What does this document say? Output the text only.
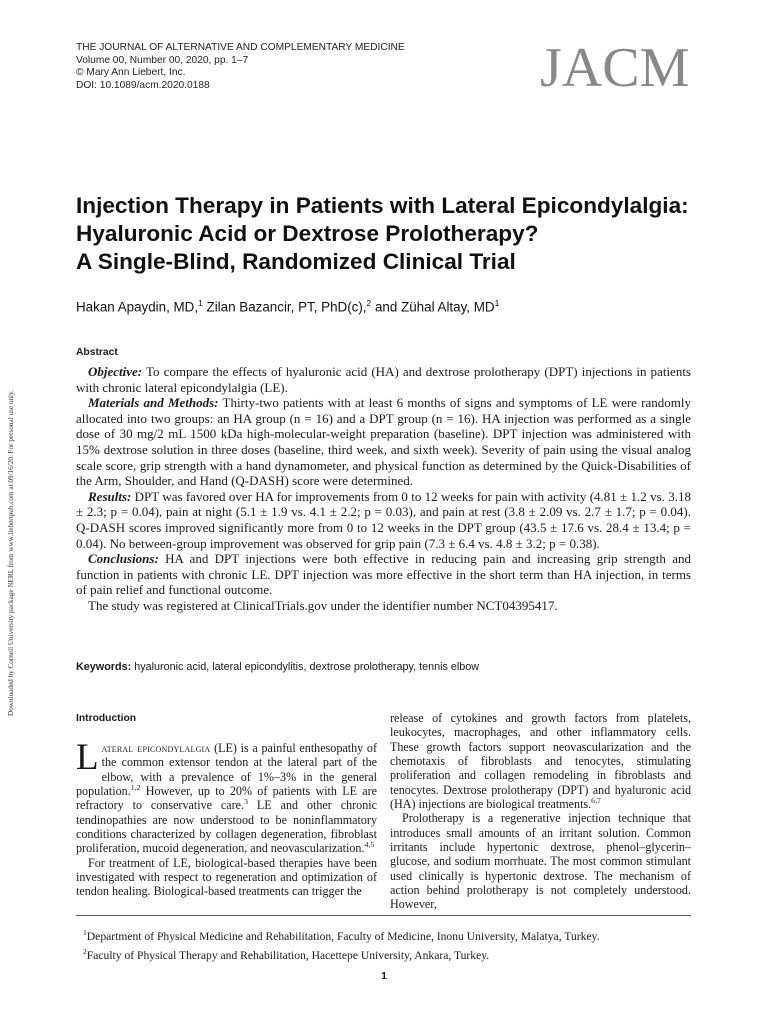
Downloaded by Cornell University package NERL from www.liebertpub.com at 09/16/20. For personal use only.
THE JOURNAL OF ALTERNATIVE AND COMPLEMENTARY MEDICINE
Volume 00, Number 00, 2020, pp. 1–7
© Mary Ann Liebert, Inc.
DOI: 10.1089/acm.2020.0188	JACM
Injection Therapy in Patients with Lateral Epicondylalgia:
Hyaluronic Acid or Dextrose Prolotherapy?
A Single-Blind, Randomized Clinical Trial
Hakan Apaydin, MD,$^1$ Zilan Bazancir, PT, PhD(c),$^2$ and Zühal Altay, $MD^1$
Abstract

Objective: To compare the effects of hyaluronic acid (HA) and dextrose prolotherapy (DPT) injections in patients with chronic lateral epicondylalgia (LE).

Materials and Methods: Thirty-two patients with at least 6 months of signs and symptoms of LE were randomly allocated into two groups: an HA group (n = 16) and a DPT group (n = 16). HA injection was performed as a single dose of 30 mg/2 mL 1500 kDa high-molecular-weight preparation (baseline). DPT injection was administered with 15% dextrose solution in three doses (baseline, third week, and sixth week). Severity of pain using the visual analog scale score, grip strength with a hand dynamometer, and physical function as determined by the Quick-Disabilities of the Arm, Shoulder, and Hand (Q-DASH) score were determined.

Results: DPT was favored over HA for improvements from 0 to 12 weeks for pain with activity (4.81 ± 1.2 vs. 3.18 ± 2.3; p = 0.04), pain at night (5.1 ± 1.9 vs. 4.1 ± 2.2; p = 0.03), and pain at rest (3.8 ± 2.09 vs. 2.7 ± 1.7; p = 0.04). Q-DASH scores improved significantly more from 0 to 12 weeks in the DPT group (43.5 ± 17.6 vs. 28.4 ± 13.4; p = 0.04). No between-group improvement was observed for grip pain (7.3 ± 6.4 vs. 4.8 ± 3.2; p = 0.38).

Conclusions: HA and DPT injections were both effective in reducing pain and increasing grip strength and function in patients with chronic LE. DPT injection was more effective in the short term than HA injection, in terms of pain relief and functional outcome.

The study was registered at ClinicalTrials.gov under the identifier number NCT04395417.

Keywords: hyaluronic acid, lateral epicondylitis, dextrose prolotherapy, tennis elbow
Introduction

Lateral epicondylalgia (LE) is a painful enthesopathy of the common extensor tendon at the lateral part of the elbow, with a prevalence of 1%–3% in the general population.$^{1,2}$ However, up to 20% of patients with LE are refractory to conservative care.$^3$ LE and other chronic tendinopathies are now understood to be noninflammatory conditions characterized by collagen degeneration, fibroblast proliferation, mucoid degeneration, and neovascularization.$^{4,5}$

For treatment of LE, biological-based therapies have been investigated with respect to regeneration and optimization of tendon healing. Biological-based treatments can trigger the

release of cytokines and growth factors from platelets, leukocytes, macrophages, and other inflammatory cells. These growth factors support neovascularization and the chemotaxis of fibroblasts and tenocytes, stimulating proliferation and collagen remodeling in fibroblasts and tenocytes. Dextrose prolotherapy (DPT) and hyaluronic acid (HA) injections are biological treatments.$^{6,7}$

Prolotherapy is a regenerative injection technique that introduces small amounts of an irritant solution. Common irritants include hypertonic dextrose, phenol–glycerin–glucose, and sodium morrhuate. The most common stimulant used clinically is hypertonic dextrose. The mechanism of action behind prolotherapy is not completely understood. However,

$^1$Department of Physical Medicine and Rehabilitation, Faculty of Medicine, Inonu University, Malatya, Turkey.
$^2$Faculty of Physical Therapy and Rehabilitation, Hacettepe University, Ankara, Turkey.
1
